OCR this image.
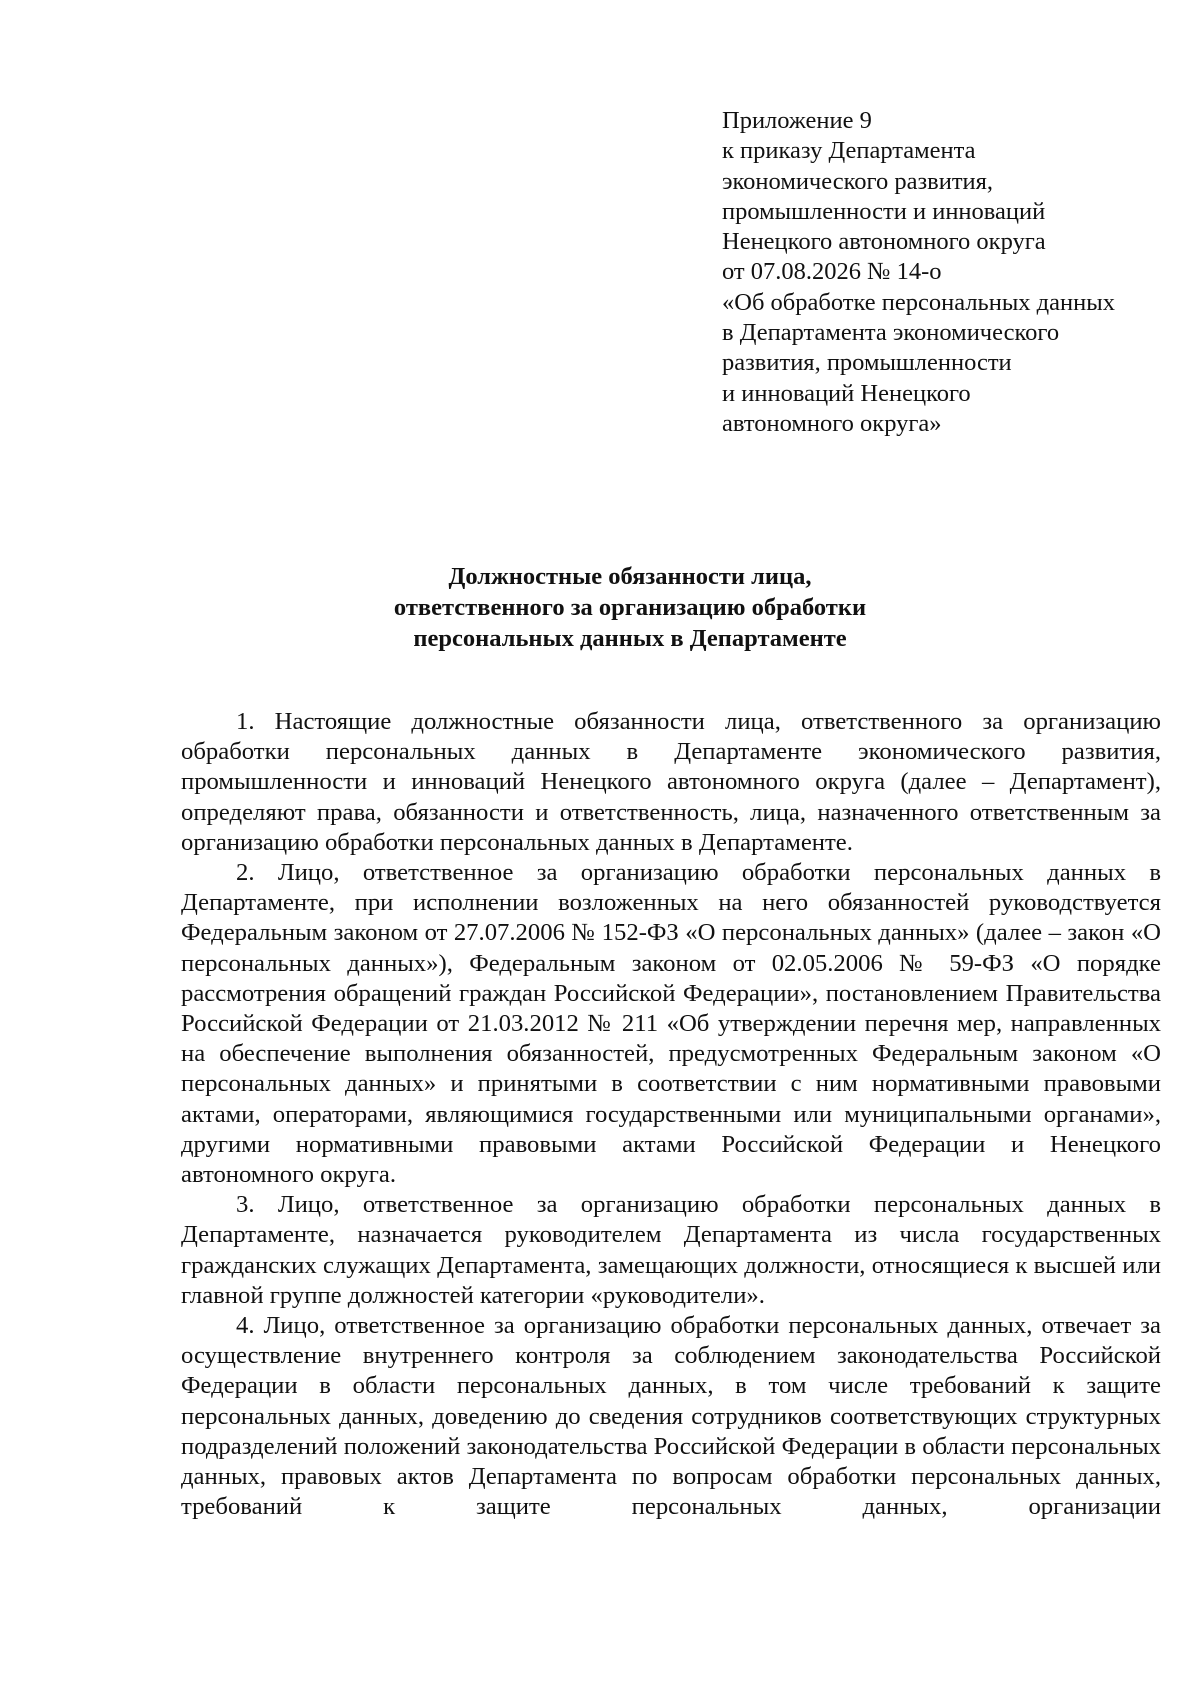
Приложение 9
к приказу Департамента
экономического развития,
промышленности и инноваций
Ненецкого автономного округа
от 07.08.2026 № 14-о
«Об обработке персональных данных
в Департамента экономического
развития, промышленности
и инноваций Ненецкого
автономного округа»
Должностные обязанности лица,
ответственного за организацию обработки
персональных данных в Департаменте

1. Настоящие должностные обязанности лица, ответственного за организацию обработки персональных данных в Департаменте экономического развития, промышленности и инноваций Ненецкого автономного округа (далее – Департамент), определяют права, обязанности и ответственность, лица, назначенного ответственным за организацию обработки персональных данных в Департаменте.

2. Лицо, ответственное за организацию обработки персональных данных в Департаменте, при исполнении возложенных на него обязанностей руководствуется Федеральным законом от 27.07.2006 № 152-ФЗ «О персональных данных» (далее – закон «О персональных данных»), Федеральным законом от 02.05.2006 № 59-ФЗ «О порядке рассмотрения обращений граждан Российской Федерации», постановлением Правительства Российской Федерации от 21.03.2012 № 211 «Об утверждении перечня мер, направленных на обеспечение выполнения обязанностей, предусмотренных Федеральным законом «О персональных данных» и принятыми в соответствии с ним нормативными правовыми актами, операторами, являющимися государственными или муниципальными органами», другими нормативными правовыми актами Российской Федерации и Ненецкого автономного округа.

3. Лицо, ответственное за организацию обработки персональных данных в Департаменте, назначается руководителем Департамента из числа государственных гражданских служащих Департамента, замещающих должности, относящиеся к высшей или главной группе должностей категории «руководители».

4. Лицо, ответственное за организацию обработки персональных данных, отвечает за осуществление внутреннего контроля за соблюдением законодательства Российской Федерации в области персональных данных, в том числе требований к защите персональных данных, доведению до сведения сотрудников соответствующих структурных подразделений положений законодательства Российской Федерации в области персональных данных, правовых актов Департамента по вопросам обработки персональных данных, требований к защите персональных данных, организации
